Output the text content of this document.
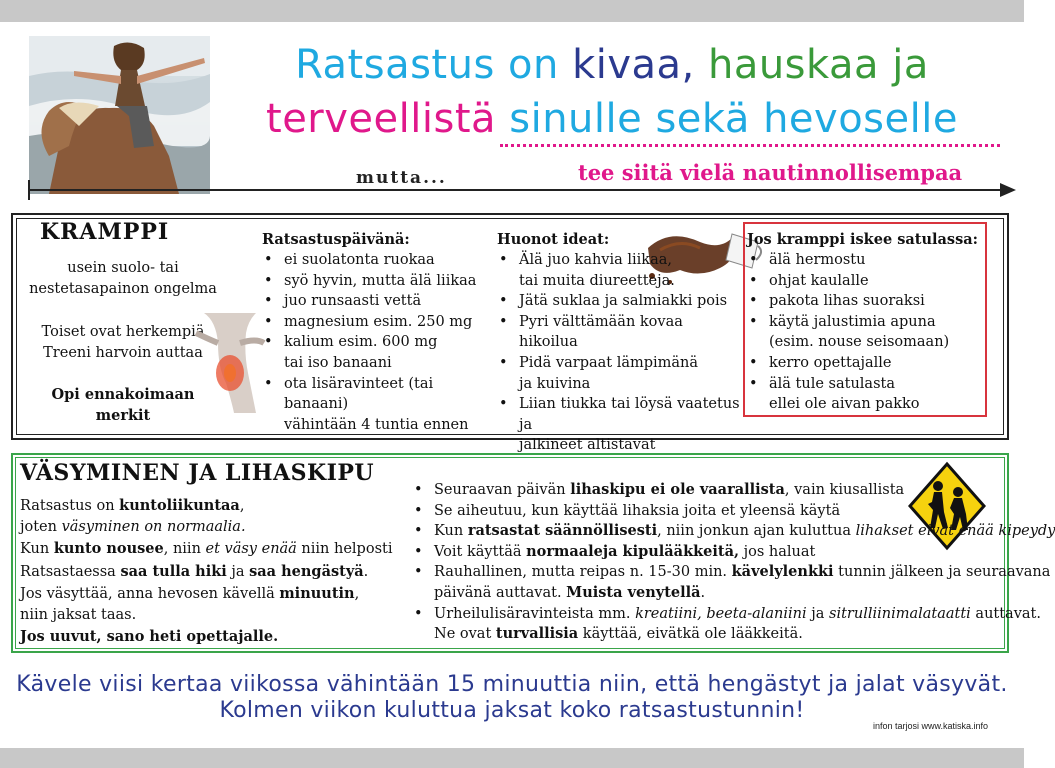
Ratsastus on kivaa, hauskaa ja
terveellistä sinulle sekä hevoselle
mutta...	tee siitä vielä nautinnollisempaa
KRAMPPI
usein suolo- tai
nestetasapainon ongelma
Toiset ovat herkempiä
Treeni harvoin auttaa
Opi ennakoimaan merkit
Ratsastuspäivänä:
• ei suolatonta ruokaa
• syö hyvin, mutta älä liikaa
• juo runsaasti vettä
• magnesium esim. 250 mg
• kalium esim. 600 mg
tai iso banaani
• ota lisäravinteet (tai banaani)
vähintään 4 tuntia ennen
Huonot ideat:
• Älä juo kahvia liikaa,
tai muita diureetteja.
• Jätä suklaa ja salmiakki pois
• Pyri välttämään kovaa hikoilua
• Pidä varpaat lämpimänä
ja kuivina
• Liian tiukka tai löysä vaatetus ja
jalkineet altistavat
Jos kramppi iskee satulassa:
• älä hermostu
• ohjat kaulalle
• pakota lihas suoraksi
• käytä jalustimia apuna
(esim. nouse seisomaan)
• kerro opettajalle
• älä tule satulasta
ellei ole aivan pakko
VÄSYMINEN JA LIHASKIPU
Ratsastus on kuntoliikuntaa,
joten väsyminen on normaalia.
Kun kunto nousee, niin et väsy enää niin helposti
Ratsastaessa saa tulla hiki ja saa hengästyä.
Jos väsyttää, anna hevosen kävellä minuutin,
niin jaksat taas.
Jos uuvut, sano heti opettajalle.
• Seuraavan päivän lihaskipu ei ole vaarallista, vain kiusallista
• Se aiheutuu, kun käyttää lihaksia joita et yleensä käytä
• Kun ratsastat säännöllisesti, niin jonkun ajan kuluttua lihakset eivät enää kipeydy
• Voit käyttää normaaleja kipulääkkeitä, jos haluat
• Rauhallinen, mutta reipas n. 15-30 min. kävelylenkki tunnin jälkeen ja seuraavana
päivänä auttavat. Muista venytellä.
• Urheilulisäravinteista mm. kreatiini, beeta-alaniini ja sitrulliinimalataatti auttavat.
Ne ovat turvallisia käyttää, eivätkä ole lääkkeitä.
Kävele viisi kertaa viikossa vähintään 15 minuuttia niin, että hengästyt ja jalat väsyvät.
Kolmen viikon kuluttua jaksat koko ratsastustunnin!
infon tarjosi www.katiska.info
